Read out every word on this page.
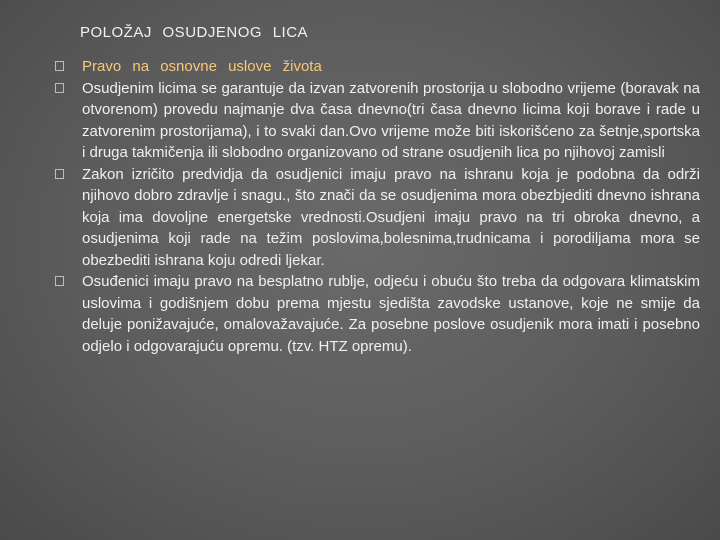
POLOŽAJ OSUDJENOG LICA
Pravo na osnovne uslove života
Osudjenim licima se garantuje da izvan zatvorenih prostorija u slobodno vrijeme (boravak na otvorenom) provedu najmanje dva časa dnevno(tri časa dnevno licima koji borave i rade u zatvorenim prostorijama), i to svaki dan.Ovo vrijeme može biti iskorišćeno za šetnje,sportska i druga takmičenja ili slobodno organizovano od strane osudjenih lica po njihovoj zamisli
Zakon izričito predvidja da osudjenici imaju pravo na ishranu koja je podobna da održi njihovo dobro zdravlje i snagu., što znači da se osudjenima mora obezbjediti dnevno ishrana koja ima dovoljne energetske vrednosti.Osudjeni imaju pravo na tri obroka dnevno, a osudjenima koji rade na težim poslovima,bolesnima,trudnicama i porodiljama mora se obezbediti ishrana koju odredi ljekar.
Osuđenici imaju pravo na besplatno rublje, odjeću i obuću što treba da odgovara klimatskim uslovima i godišnjem dobu prema mjestu sjedišta zavodske ustanove, koje ne smije da deluje ponižavajuće, omalovažavajuće. Za posebne poslove osudjenik mora imati i posebno odjelo i odgovarajuću opremu. (tzv. HTZ opremu).
